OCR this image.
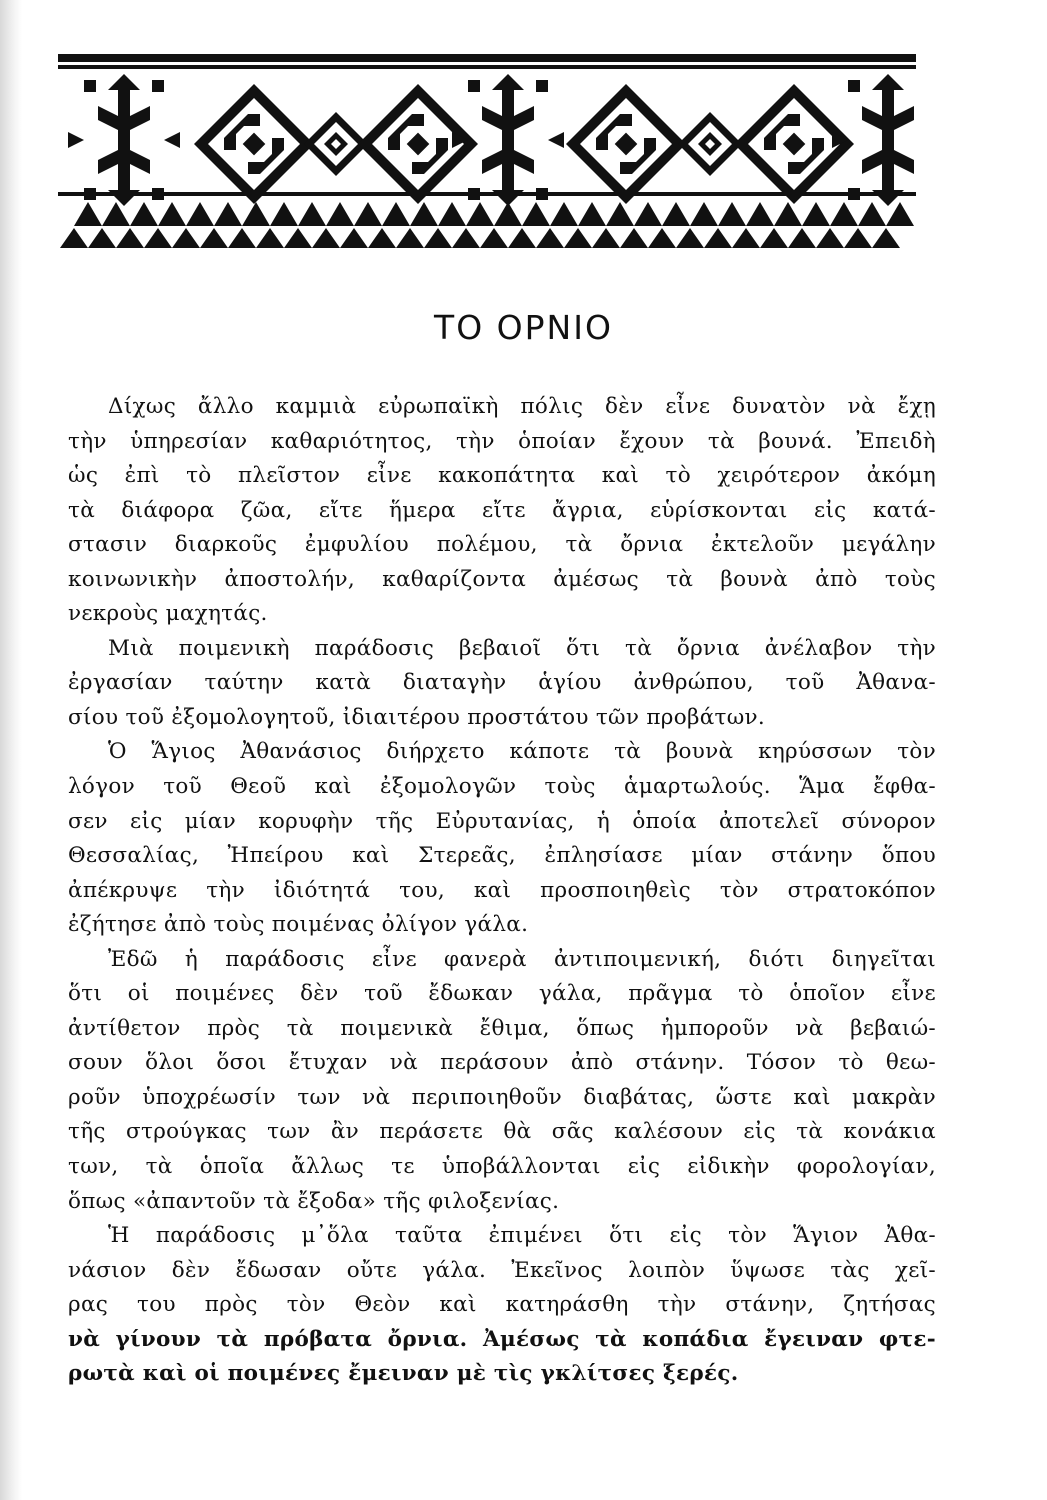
ΤΟ ΟΡΝΙΟ
Δίχως ἄλλο καμμιὰ εὐρωπαϊκὴ πόλις δὲν εἶνε δυνατὸν νὰ ἔχῃ
τὴν ὑπηρεσίαν καθαριότητος, τὴν ὁποίαν ἔχουν τὰ βουνά. Ἐπειδὴ
ὡς ἐπὶ τὸ πλεῖστον εἶνε κακοπάτητα καὶ τὸ χειρότερον ἀκόμη
τὰ διάφορα ζῶα, εἴτε ἥμερα εἴτε ἄγρια, εὑρίσκονται εἰς κατά-
στασιν διαρκοῦς ἐμφυλίου πολέμου, τὰ ὄρνια ἐκτελοῦν μεγάλην
κοινωνικὴν ἀποστολήν, καθαρίζοντα ἀμέσως τὰ βουνὰ ἀπὸ τοὺς
νεκροὺς μαχητάς.
Μιὰ ποιμενικὴ παράδοσις βεβαιοῖ ὅτι τὰ ὄρνια ἀνέλαβον τὴν
ἐργασίαν ταύτην κατὰ διαταγὴν ἁγίου ἀνθρώπου, τοῦ Ἀθανα-
σίου τοῦ ἐξομολογητοῦ, ἰδιαιτέρου προστάτου τῶν προβάτων.
Ὁ Ἅγιος Ἀθανάσιος διήρχετο κάποτε τὰ βουνὰ κηρύσσων τὸν
λόγον τοῦ Θεοῦ καὶ ἐξομολογῶν τοὺς ἁμαρτωλούς. Ἅμα ἔφθα-
σεν εἰς μίαν κορυφὴν τῆς Εὐρυτανίας, ἡ ὁποία ἀποτελεῖ σύνορον
Θεσσαλίας, Ἠπείρου καὶ Στερεᾶς, ἐπλησίασε μίαν στάνην ὅπου
ἀπέκρυψε τὴν ἰδιότητά του, καὶ προσποιηθεὶς τὸν στρατοκόπον
ἐζήτησε ἀπὸ τοὺς ποιμένας ὀλίγον γάλα.
Ἐδῶ ἡ παράδοσις εἶνε φανερὰ ἀντιποιμενική, διότι διηγεῖται
ὅτι οἱ ποιμένες δὲν τοῦ ἔδωκαν γάλα, πρᾶγμα τὸ ὁποῖον εἶνε
ἀντίθετον πρὸς τὰ ποιμενικὰ ἔθιμα, ὅπως ἠμποροῦν νὰ βεβαιώ-
σουν ὅλοι ὅσοι ἔτυχαν νὰ περάσουν ἀπὸ στάνην. Τόσον τὸ θεω-
ροῦν ὑποχρέωσίν των νὰ περιποιηθοῦν διαβάτας, ὥστε καὶ μακρὰν
τῆς στρούγκας των ἂν περάσετε θὰ σᾶς καλέσουν εἰς τὰ κονάκια
των, τὰ ὁποῖα ἄλλως τε ὑποβάλλονται εἰς εἰδικὴν φορολογίαν,
ὅπως «ἀπαντοῦν τὰ ἔξοδα» τῆς φιλοξενίας.
Ἡ παράδοσις μ᾽ὅλα ταῦτα ἐπιμένει ὅτι εἰς τὸν Ἅγιον Ἀθα-
νάσιον δὲν ἔδωσαν οὔτε γάλα. Ἐκεῖνος λοιπὸν ὕψωσε τὰς χεῖ-
ρας του πρὸς τὸν Θεὸν καὶ κατηράσθη τὴν στάνην, ζητήσας
νὰ γίνουν τὰ πρόβατα ὄρνια. Ἀμέσως τὰ κοπάδια ἔγειναν φτε-
ρωτὰ καὶ οἱ ποιμένες ἔμειναν μὲ τὶς γκλίτσες ξερές.
